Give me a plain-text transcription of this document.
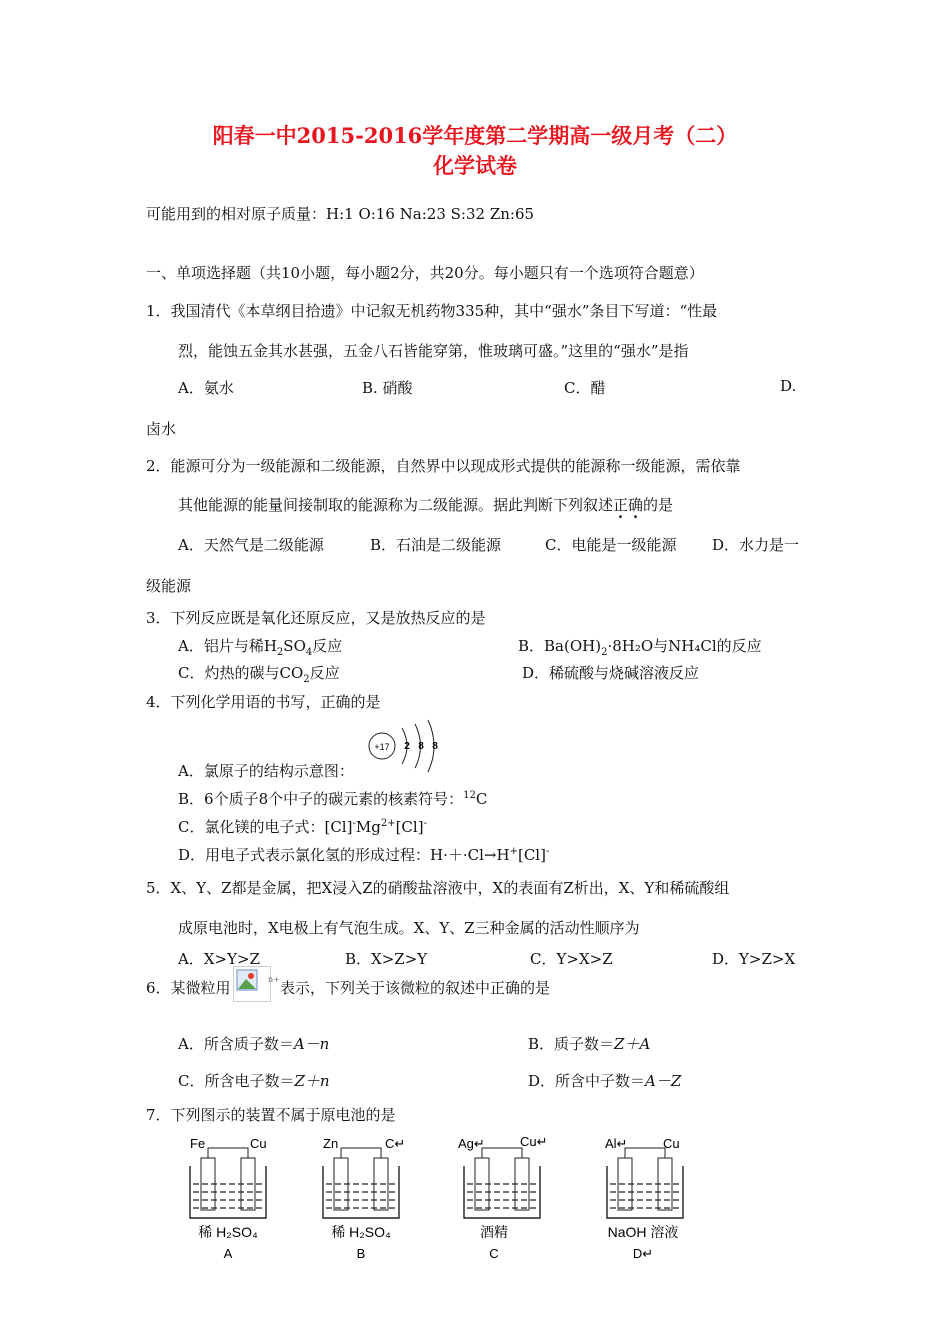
阳春一中2015-2016学年度第二学期高一级月考（二）
化学试卷
可能用到的相对原子质量：H:1 O:16 Na:23 S:32 Zn:65
一、单项选择题（共10小题，每小题2分，共20分。每小题只有一个选项符合题意）
1．我国清代《本草纲目拾遗》中记叙无机药物335种，其中“强水”条目下写道：“性最
烈，能蚀五金其水甚强，五金八石皆能穿第，惟玻璃可盛。”这里的“强水”是指
A．氨水	B. 硝酸	C．醋	D.
卤水
2．能源可分为一级能源和二级能源，自然界中以现成形式提供的能源称一级能源，需依靠
其他能源的能量间接制取的能源称为二级能源。据此判断下列叙述正确的是
A．天然气是二级能源	B．石油是二级能源	C．电能是一级能源 D．水力是一
级能源
3．下列反应既是氧化还原反应，又是放热反应的是
A．铝片与稀$H_2SO_4$反应	B．$Ba(OH)_2\cdot 8H_2O$与NH₄Cl的反应
C．灼热的碳与$CO_2$反应	D．稀硫酸与烧碱溶液反应
4．下列化学用语的书写，正确的是
+17 2 8 8
A．氯原子的结构示意图：
B．6个质子8个中子的碳元素的核素符号：$^{12}$C
C．氯化镁的电子式：$[Cl]^-Mg^{2+}[Cl]^-$
D．用电子式表示氯化氢的形成过程：H·＋·Cl→H+[Cl]-
5．X、Y、Z都是金属，把X浸入Z的硝酸盐溶液中，X的表面有Z析出，X、Y和稀硫酸组
成原电池时，X电极上有气泡生成。X、Y、Z三种金属的活动性顺序为
A．X>Y>Z	B．X>Z>Y	C．Y>X>Z	D．Y>Z>X
6．某微粒用	n+ 表示，下列关于该微粒的叙述中正确的是
A．所含质子数＝A－n	B．质子数＝Z＋A
C．所含电子数＝Z＋n	D．所含中子数＝A－Z
7．下列图示的装置不属于原电池的是
Fe	Cu
稀 H₂SO₄
A
Zn	C↵
稀 H₂SO₄
B
Ag↵	Cu↵
酒精
C
Al↵	Cu
NaOH 溶液
D↵
